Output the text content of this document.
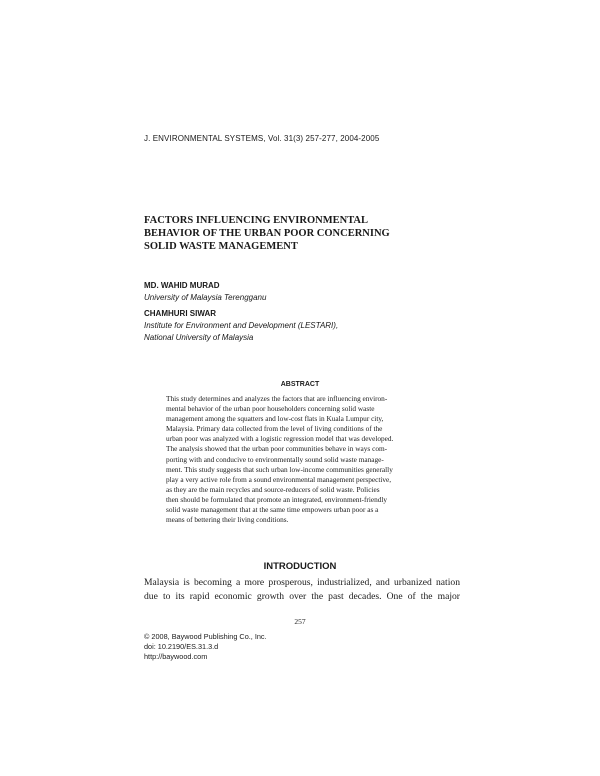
J. ENVIRONMENTAL SYSTEMS, Vol. 31(3) 257-277, 2004-2005
FACTORS INFLUENCING ENVIRONMENTAL
BEHAVIOR OF THE URBAN POOR CONCERNING
SOLID WASTE MANAGEMENT
MD. WAHID MURAD
University of Malaysia Terengganu
CHAMHURI SIWAR
Institute for Environment and Development (LESTARI),
National University of Malaysia
ABSTRACT
This study determines and analyzes the factors that are influencing environ-
mental behavior of the urban poor householders concerning solid waste
management among the squatters and low-cost flats in Kuala Lumpur city,
Malaysia. Primary data collected from the level of living conditions of the
urban poor was analyzed with a logistic regression model that was developed.
The analysis showed that the urban poor communities behave in ways com-
porting with and conducive to environmentally sound solid waste manage-
ment. This study suggests that such urban low-income communities generally
play a very active role from a sound environmental management perspective,
as they are the main recycles and source-reducers of solid waste. Policies
then should be formulated that promote an integrated, environment-friendly
solid waste management that at the same time empowers urban poor as a
means of bettering their living conditions.
INTRODUCTION
Malaysia is becoming a more prosperous, industrialized, and urbanized nation
due to its rapid economic growth over the past decades. One of the major
257
© 2008, Baywood Publishing Co., Inc.
doi: 10.2190/ES.31.3.d
http://baywood.com
